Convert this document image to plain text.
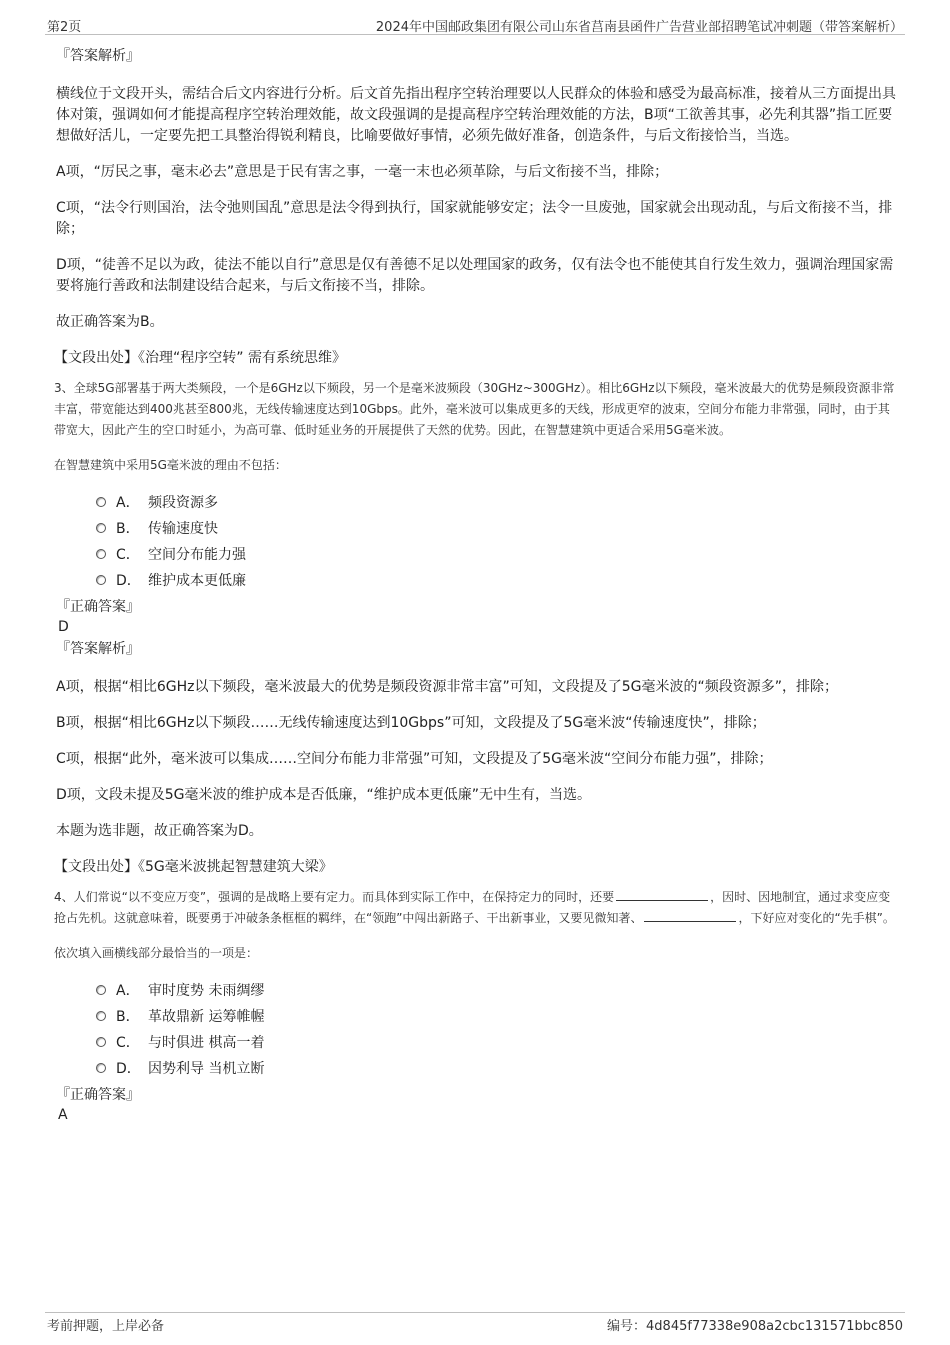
第2页	2024年中国邮政集团有限公司山东省莒南县函件广告营业部招聘笔试冲刺题（带答案解析）
『答案解析』

横线位于文段开头，需结合后文内容进行分析。后文首先指出程序空转治理要以人民群众的体验和感受为最高标准，接着从三方面提出具体对策，强调如何才能提高程序空转治理效能，故文段强调的是提高程序空转治理效能的方法，B项“工欲善其事，必先利其器”指工匠要想做好活儿，一定要先把工具整治得锐利精良，比喻要做好事情，必须先做好准备，创造条件，与后文衔接恰当，当选。

A项，“厉民之事，毫末必去”意思是于民有害之事，一毫一末也必须革除，与后文衔接不当，排除；

C项，“法令行则国治，法令弛则国乱”意思是法令得到执行，国家就能够安定；法令一旦废弛，国家就会出现动乱，与后文衔接不当，排除；

D项，“徒善不足以为政，徒法不能以自行”意思是仅有善德不足以处理国家的政务，仅有法令也不能使其自行发生效力，强调治理国家需要将施行善政和法制建设结合起来，与后文衔接不当，排除。

故正确答案为B。

【文段出处】《治理“程序空转” 需有系统思维》
3、全球5G部署基于两大类频段，一个是6GHz以下频段，另一个是毫米波频段（30GHz~300GHz）。相比6GHz以下频段，毫米波最大的优势是频段资源非常丰富，带宽能达到400兆甚至800兆，无线传输速度达到10Gbps。此外，毫米波可以集成更多的天线，形成更窄的波束，空间分布能力非常强，同时，由于其带宽大，因此产生的空口时延小，为高可靠、低时延业务的开展提供了天然的优势。因此，在智慧建筑中更适合采用5G毫米波。
在智慧建筑中采用5G毫米波的理由不包括：
A． 频段资源多
B． 传输速度快
C． 空间分布能力强
D． 维护成本更低廉
『正确答案』
D
『答案解析』

A项，根据“相比6GHz以下频段，毫米波最大的优势是频段资源非常丰富”可知，文段提及了5G毫米波的“频段资源多”，排除；

B项，根据“相比6GHz以下频段……无线传输速度达到10Gbps”可知，文段提及了5G毫米波“传输速度快”，排除；

C项，根据“此外，毫米波可以集成……空间分布能力非常强”可知，文段提及了5G毫米波“空间分布能力强”，排除；

D项，文段未提及5G毫米波的维护成本是否低廉，“维护成本更低廉”无中生有，当选。

本题为选非题，故正确答案为D。

【文段出处】《5G毫米波挑起智慧建筑大梁》
4、人们常说“以不变应万变”，强调的是战略上要有定力。而具体到实际工作中，在保持定力的同时，还要	，因时、因地制宜，通过求变应变抢占先机。这就意味着，既要勇于冲破条条框框的羁绊，在“领跑”中闯出新路子、干出新事业，又要见微知著、	，下好应对变化的“先手棋”。
依次填入画横线部分最恰当的一项是：
A． 审时度势 未雨绸缪
B． 革故鼎新 运筹帷幄
C． 与时俱进 棋高一着
D． 因势利导 当机立断
『正确答案』
A
考前押题，上岸必备	编号：4d845f77338e908a2cbc131571bbc850
